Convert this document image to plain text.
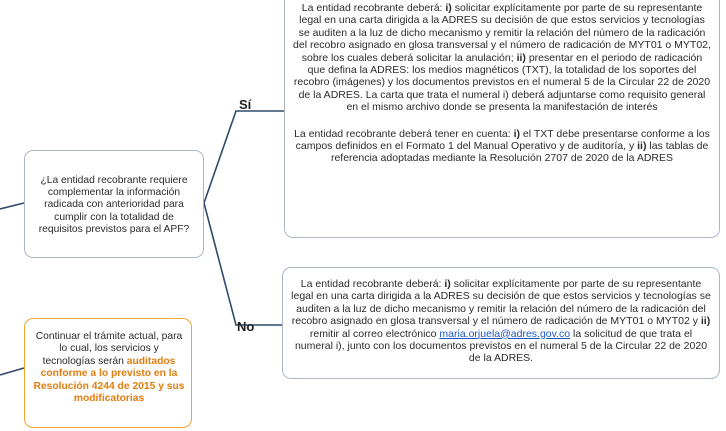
Sí
No

¿La entidad recobrante requiere complementar la información radicada con anterioridad para cumplir con la totalidad de requisitos previstos para el APF?

La entidad recobrante deberá: i) solicitar explícitamente por parte de su representante legal en una carta dirigida a la ADRES su decisión de que estos servicios y tecnologías se auditen a la luz de dicho mecanismo y remitir la relación del número de la radicación del recobro asignado en glosa transversal y el número de radicación de MYT01 o MYT02, sobre los cuales deberá solicitar la anulación; ii) presentar en el periodo de radicación que defina la ADRES: los medios magnéticos (TXT), la totalidad de los soportes del recobro (imágenes) y los documentos previstos en el numeral 5 de la Circular 22 de 2020 de la ADRES. La carta que trata el numeral i) deberá adjuntarse como requisito general en el mismo archivo donde se presenta la manifestación de interés

La entidad recobrante deberá tener en cuenta: i) el TXT debe presentarse conforme a los campos definidos en el Formato 1 del Manual Operativo y de auditoría, y ii) las tablas de referencia adoptadas mediante la Resolución 2707 de 2020 de la ADRES

La entidad recobrante deberá: i) solicitar explícitamente por parte de su representante legal en una carta dirigida a la ADRES su decisión de que estos servicios y tecnologías se auditen a la luz de dicho mecanismo y remitir la relación del número de la radicación del recobro asignado en glosa transversal y el número de radicación de MYT01 o MYT02 y ii) remitir al correo electrónico maria.orjuela@adres.gov.co la solicitud de que trata el numeral i), junto con los documentos previstos en el numeral 5 de la Circular 22 de 2020 de la ADRES.

Continuar el trámite actual, para lo cual, los servicios y tecnologías serán auditados conforme a lo previsto en la Resolución 4244 de 2015 y sus modificatorias
